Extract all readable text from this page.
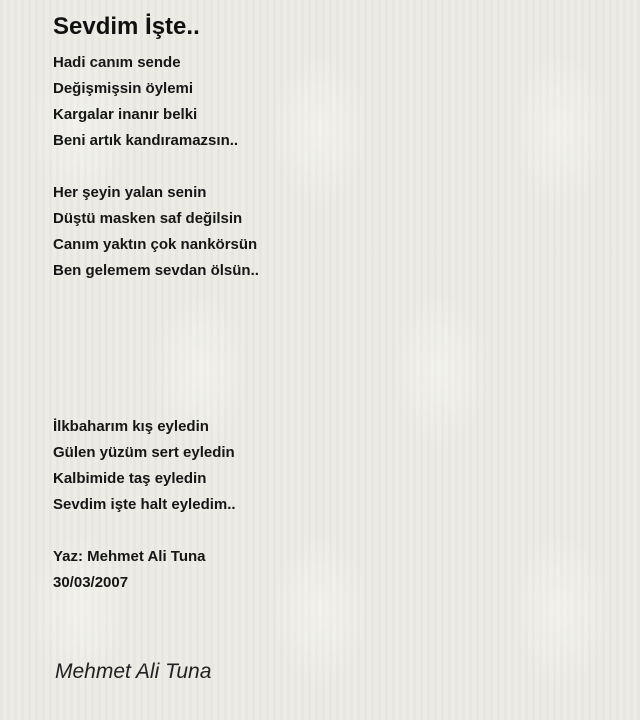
Sevdim İşte..
Hadi canım sende
Değişmişsin öylemi
Kargalar inanır belki
Beni artık kandıramazsın..
Her şeyin yalan senin
Düştü masken saf değilsin
Canım yaktın çok nankörsün
Ben gelemem sevdan ölsün..
İlkbaharım kış eyledin
Gülen yüzüm sert eyledin
Kalbimide taş eyledin
Sevdim işte halt eyledim..
Yaz: Mehmet Ali Tuna
30/03/2007
Mehmet Ali Tuna
